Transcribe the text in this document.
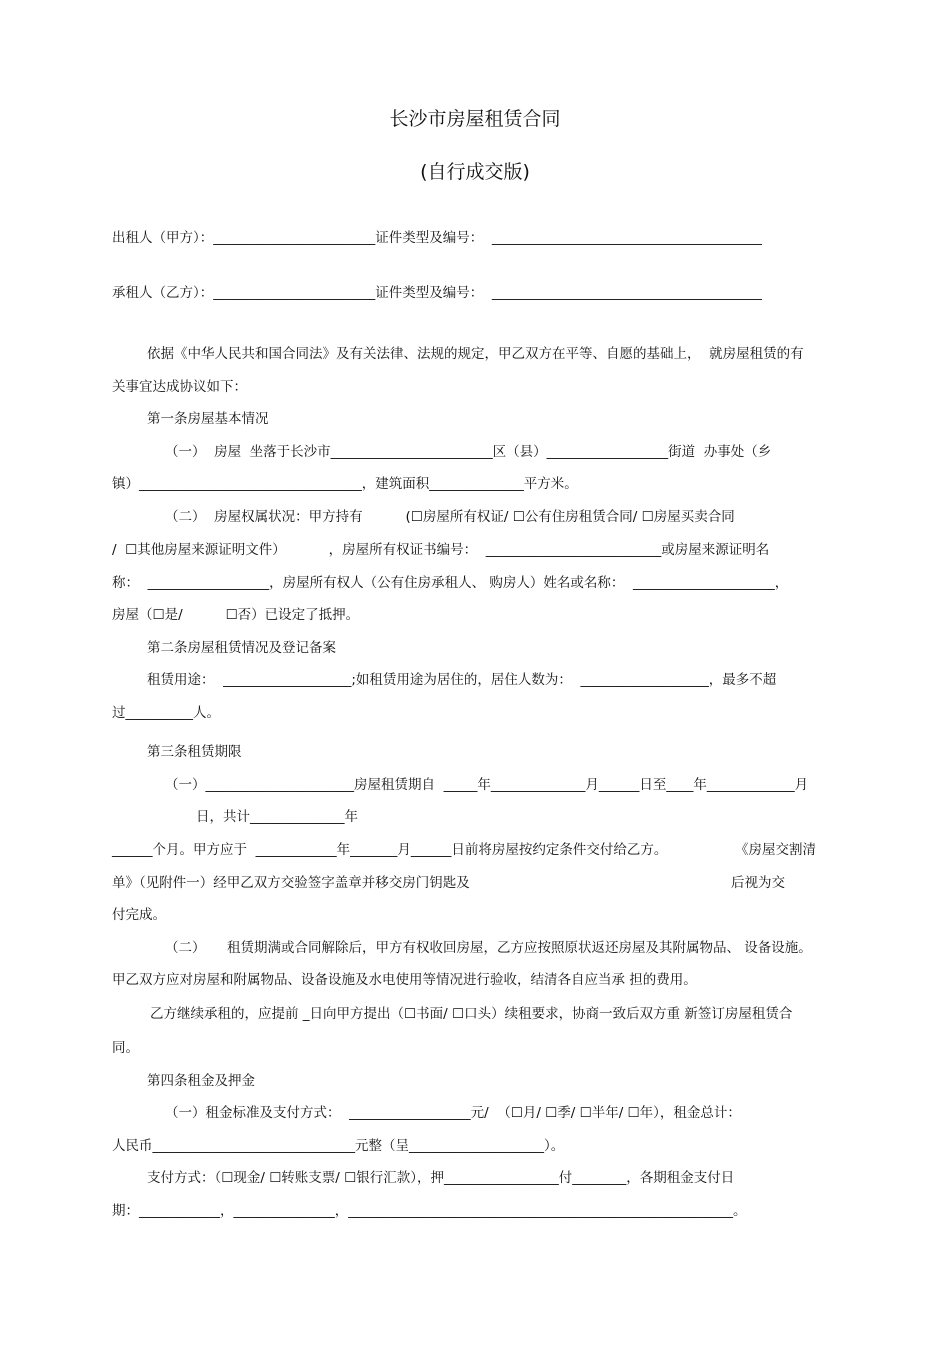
长沙市房屋租赁合同
(自行成交版)
出租人（甲方）：________________________证件类型及编号：  ________________________________________
承租人（乙方）：________________________证件类型及编号：  ________________________________________
依据《中华人民共和国合同法》及有关法律、法规的规定，甲乙双方在平等、自愿的基础上，  就房屋租赁的有
关事宜达成协议如下：
第一条房屋基本情况
（一）  房屋  坐落于长沙市________________________区（县）__________________街道  办事处（乡
镇）_________________________________，建筑面积______________平方米。
（二）  房屋权属状况：甲方持有          (☐房屋所有权证/ ☐公有住房租赁合同/ ☐房屋买卖合同
/  ☐其他房屋来源证明文件）          ，房屋所有权证书编号：  __________________________或房屋来源证明名
称：  __________________，房屋所有权人（公有住房承租人、 购房人）姓名或名称：  _____________________，
房屋（☐是/          ☐否）已设定了抵押。
第二条房屋租赁情况及登记备案
租赁用途：  ___________________;如租赁用途为居住的，居住人数为：  ___________________，最多不超
过__________人。
第三条租赁期限
（一）______________________房屋租赁期自  _____年______________月______日至____年_____________月
日，共计______________年
______个月。甲方应于  ____________年_______月______日前将房屋按约定条件交付给乙方。	《房屋交割清
单》（见附件一）经甲乙双方交验签字盖章并移交房门钥匙及	后视为交
付完成。
（二）     租赁期满或合同解除后，甲方有权收回房屋，乙方应按照原状返还房屋及其附属物品、 设备设施。
甲乙双方应对房屋和附属物品、设备设施及水电使用等情况进行验收，结清各自应当承 担的费用。
乙方继续承租的，应提前 _日向甲方提出（☐书面/ ☐口头）续租要求，协商一致后双方重 新签订房屋租赁合
同。
第四条租金及押金
（一）租金标准及支付方式：  __________________元/  （☐月/ ☐季/ ☐半年/ ☐年），租金总计：
人民币______________________________元整（呈____________________）。
支付方式：（☐现金/ ☐转账支票/ ☐银行汇款），押_________________付________，各期租金支付日
期：____________，_______________，_________________________________________________________。
